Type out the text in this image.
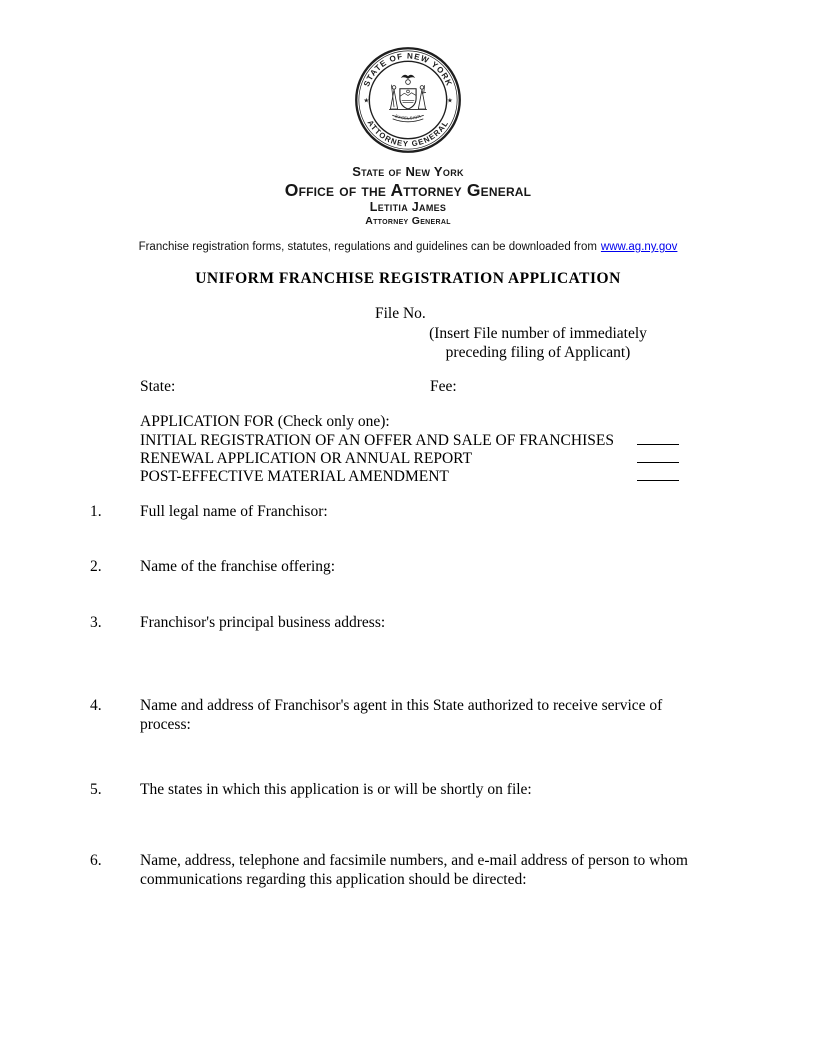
STATE OF NEW YORK
ATTORNEY GENERAL
★	★
EXCELSIOR
State of New York
Office of the Attorney General
Letitia James
Attorney General
Franchise registration forms, statutes, regulations and guidelines can be downloaded from www.ag.ny.gov
UNIFORM FRANCHISE REGISTRATION APPLICATION
File No.
(Insert File number of immediately
preceding filing of Applicant)
State:	Fee:
APPLICATION FOR (Check only one):
INITIAL REGISTRATION OF AN OFFER AND SALE OF FRANCHISES
RENEWAL APPLICATION OR ANNUAL REPORT
POST-EFFECTIVE MATERIAL AMENDMENT
1.	Full legal name of Franchisor:
2.	Name of the franchise offering:
3.	Franchisor's principal business address:
4.	Name and address of Franchisor's agent in this State authorized to receive service of process:
5.	The states in which this application is or will be shortly on file:
6.	Name, address, telephone and facsimile numbers, and e-mail address of person to whom communications regarding this application should be directed:
